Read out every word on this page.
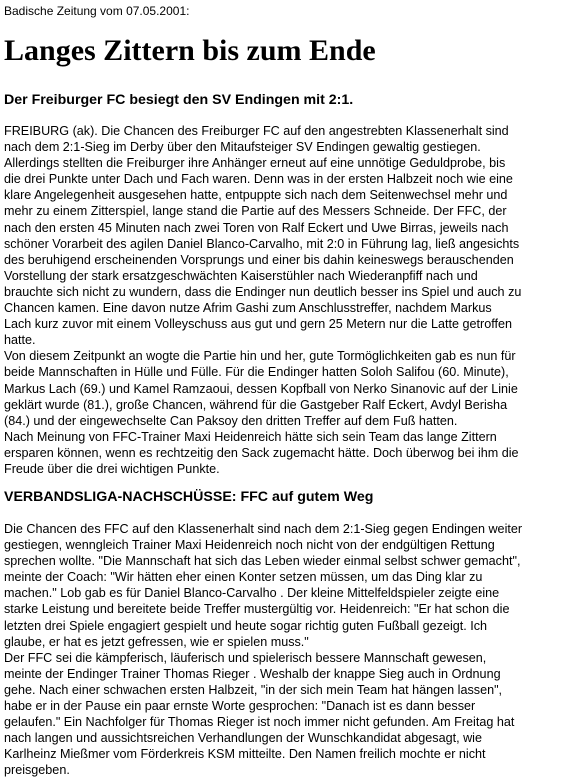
Badische Zeitung vom 07.05.2001:
Langes Zittern bis zum Ende
Der Freiburger FC besiegt den SV Endingen mit 2:1.
FREIBURG (ak). Die Chancen des Freiburger FC auf den angestrebten Klassenerhalt sind
nach dem 2:1-Sieg im Derby über den Mitaufsteiger SV Endingen gewaltig gestiegen.
Allerdings stellten die Freiburger ihre Anhänger erneut auf eine unnötige Geduldprobe, bis
die drei Punkte unter Dach und Fach waren. Denn was in der ersten Halbzeit noch wie eine
klare Angelegenheit ausgesehen hatte, entpuppte sich nach dem Seitenwechsel mehr und
mehr zu einem Zitterspiel, lange stand die Partie auf des Messers Schneide. Der FFC, der
nach den ersten 45 Minuten nach zwei Toren von Ralf Eckert und Uwe Birras, jeweils nach
schöner Vorarbeit des agilen Daniel Blanco-Carvalho, mit 2:0 in Führung lag, ließ angesichts
des beruhigend erscheinenden Vorsprungs und einer bis dahin keineswegs berauschenden
Vorstellung der stark ersatzgeschwächten Kaiserstühler nach Wiederanpfiff nach und
brauchte sich nicht zu wundern, dass die Endinger nun deutlich besser ins Spiel und auch zu
Chancen kamen. Eine davon nutze Afrim Gashi zum Anschlusstreffer, nachdem Markus
Lach kurz zuvor mit einem Volleyschuss aus gut und gern 25 Metern nur die Latte getroffen
hatte.
Von diesem Zeitpunkt an wogte die Partie hin und her, gute Tormöglichkeiten gab es nun für
beide Mannschaften in Hülle und Fülle. Für die Endinger hatten Soloh Salifou (60. Minute),
Markus Lach (69.) und Kamel Ramzaoui, dessen Kopfball von Nerko Sinanovic auf der Linie
geklärt wurde (81.), große Chancen, während für die Gastgeber Ralf Eckert, Avdyl Berisha
(84.) und der eingewechselte Can Paksoy den dritten Treffer auf dem Fuß hatten.
Nach Meinung von FFC-Trainer Maxi Heidenreich hätte sich sein Team das lange Zittern
ersparen können, wenn es rechtzeitig den Sack zugemacht hätte. Doch überwog bei ihm die
Freude über die drei wichtigen Punkte.
VERBANDSLIGA-NACHSCHÜSSE: FFC auf gutem Weg
Die Chancen des FFC auf den Klassenerhalt sind nach dem 2:1-Sieg gegen Endingen weiter
gestiegen, wenngleich Trainer Maxi Heidenreich noch nicht von der endgültigen Rettung
sprechen wollte. "Die Mannschaft hat sich das Leben wieder einmal selbst schwer gemacht",
meinte der Coach: "Wir hätten eher einen Konter setzen müssen, um das Ding klar zu
machen." Lob gab es für Daniel Blanco-Carvalho . Der kleine Mittelfeldspieler zeigte eine
starke Leistung und bereitete beide Treffer mustergültig vor. Heidenreich: "Er hat schon die
letzten drei Spiele engagiert gespielt und heute sogar richtig guten Fußball gezeigt. Ich
glaube, er hat es jetzt gefressen, wie er spielen muss."
Der FFC sei die kämpferisch, läuferisch und spielerisch bessere Mannschaft gewesen,
meinte der Endinger Trainer Thomas Rieger . Weshalb der knappe Sieg auch in Ordnung
gehe. Nach einer schwachen ersten Halbzeit, "in der sich mein Team hat hängen lassen",
habe er in der Pause ein paar ernste Worte gesprochen: "Danach ist es dann besser
gelaufen." Ein Nachfolger für Thomas Rieger ist noch immer nicht gefunden. Am Freitag hat
nach langen und aussichtsreichen Verhandlungen der Wunschkandidat abgesagt, wie
Karlheinz Mießmer vom Förderkreis KSM mitteilte. Den Namen freilich mochte er nicht
preisgeben.
